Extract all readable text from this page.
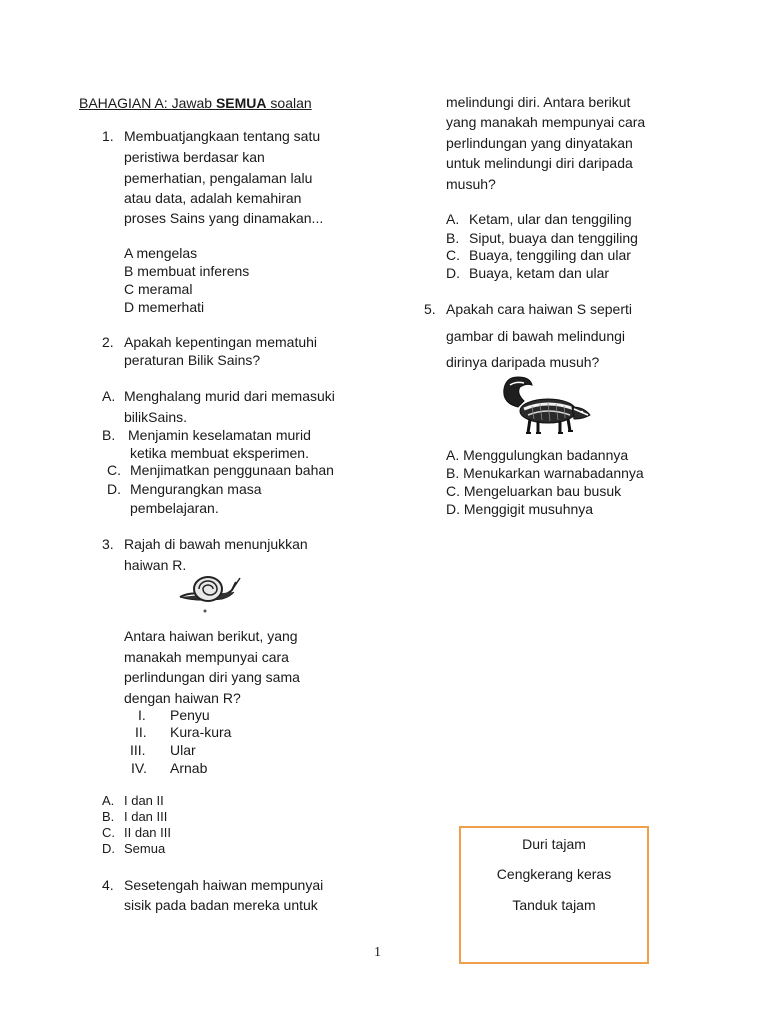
BAHAGIAN A: Jawab SEMUA soalan
1. Membuatjangkaan tentang satu
peristiwa berdasar kan
pemerhatian, pengalaman lalu
atau data, adalah kemahiran
proses Sains yang dinamakan...
A mengelas
B membuat inferens
C meramal
D memerhati
2. Apakah kepentingan mematuhi
peraturan Bilik Sains?
A. Menghalang murid dari memasuki
bilikSains.
B. Menjamin keselamatan murid
ketika membuat eksperimen.
C. Menjimatkan penggunaan bahan
D. Mengurangkan masa
pembelajaran.
3. Rajah di bawah menunjukkan
haiwan R.
Antara haiwan berikut, yang
manakah mempunyai cara
perlindungan diri yang sama
dengan haiwan R?
I. Penyu
II. Kura-kura
III. Ular
IV. Arnab
A. I dan II
B. I dan III
C. II dan III
D. Semua
4. Sesetengah haiwan mempunyai
sisik pada badan mereka untuk
melindungi diri. Antara berikut
yang manakah mempunyai cara
perlindungan yang dinyatakan
untuk melindungi diri daripada
musuh?
A. Ketam, ular dan tenggiling
B. Siput, buaya dan tenggiling
C. Buaya, tenggiling dan ular
D. Buaya, ketam dan ular
5. Apakah cara haiwan S seperti
gambar di bawah melindungi
dirinya daripada musuh?
A. Menggulungkan badannya
B. Menukarkan warnabadannya
C. Mengeluarkan bau busuk
D. Menggigit musuhnya
Duri tajam
Cengkerang keras
Tanduk tajam
1
